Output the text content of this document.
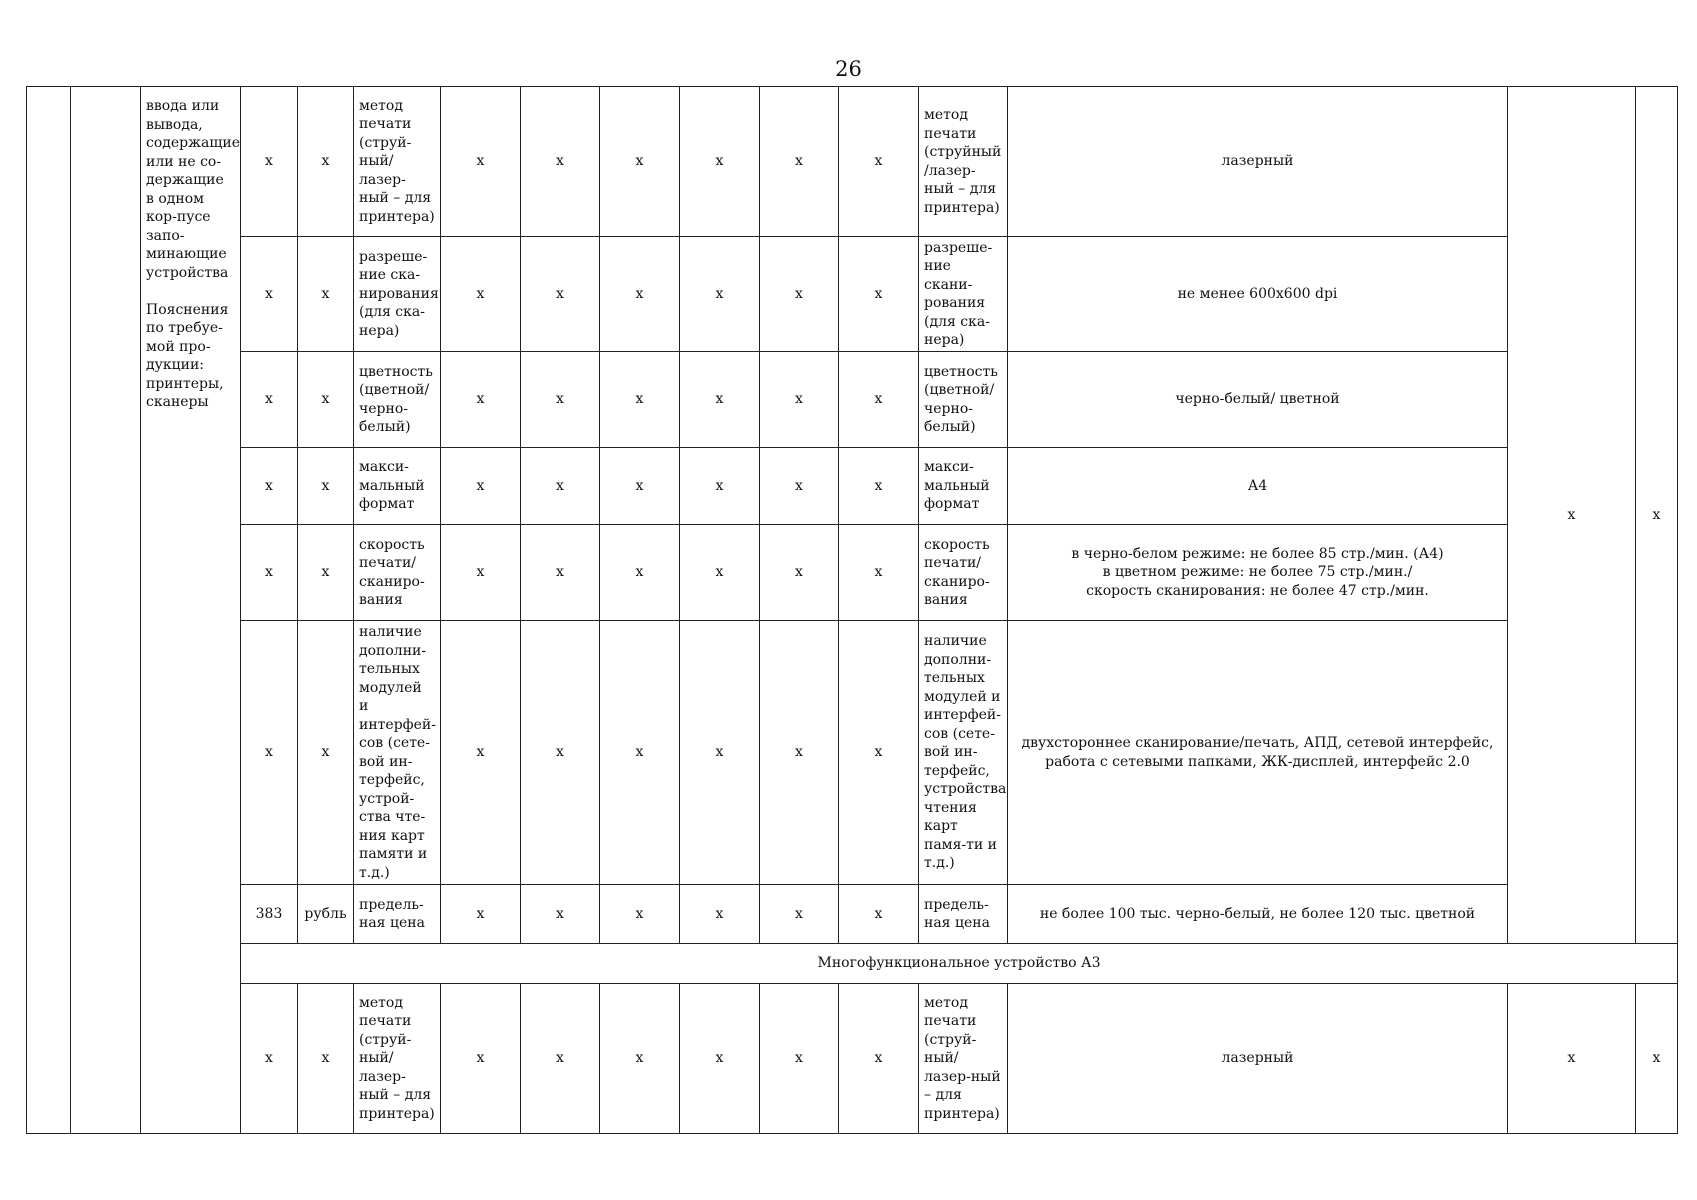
26
		ввода или вывода, содержащие или не со-держащие в одном кор-пусе запо-минающие устройства

Пояснения по требуе-мой про-дукции: принтеры, сканеры	x	x	метод печати (струй-ный/ лазер-ный – для принтера)	x	x	x	x	x	x	метод печати (струйный /лазер-ный – для принтера)	лазерный	x	x
			x	x	разреше-ние ска-нирования (для ска-нера)	x	x	x	x	x	x	разреше-ние скани-рования (для ска-нера)	не менее 600x600 dpi		
			x	x	цветность (цветной/ черно-белый)	x	x	x	x	x	x	цветность (цветной/ черно-белый)	черно-белый/ цветной		
			x	x	макси-мальный формат	x	x	x	x	x	x	макси-мальный формат	А4		
			x	x	скорость печати/ сканиро-вания	x	x	x	x	x	x	скорость печати/ сканиро-вания	в черно-белом режиме: не более 85 стр./мин. (А4)
в цветном режиме: не более 75 стр./мин./
скорость сканирования: не более 47 стр./мин.		
			x	x	наличие дополни-тельных модулей и интерфей-сов (сете-вой ин-терфейс, устрой-ства чте-ния карт памяти и т.д.)	x	x	x	x	x	x	наличие дополни-тельных модулей и интерфей-сов (сете-вой ин-терфейс, устройства чтения карт памя-ти и т.д.)	двухстороннее сканирование/печать, АПД, сетевой интерфейс, работа с сетевыми папками, ЖК-дисплей, интерфейс 2.0		
			383	рубль	предель-ная цена	x	x	x	x	x	x	предель-ная цена	не более 100 тыс. черно-белый, не более 120 тыс. цветной		
			Многофункциональное устройство А3												
			x	x	метод печати (струй-ный/ лазер-ный – для принтера)	x	x	x	x	x	x	метод печати (струй-ный/ лазер-ный – для принтера)	лазерный	x	x
